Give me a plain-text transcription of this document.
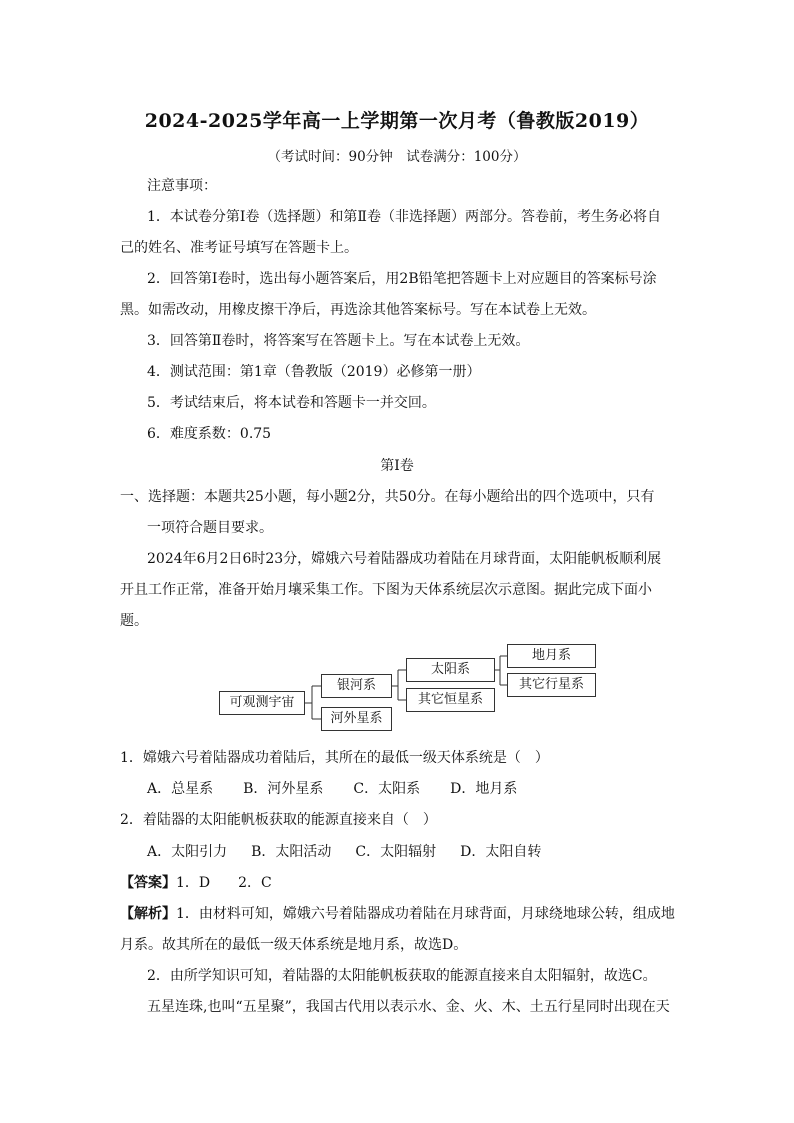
2024-2025学年高一上学期第一次月考（鲁教版2019）
（考试时间：90分钟　试卷满分：100分）
注意事项：
1．本试卷分第Ⅰ卷（选择题）和第Ⅱ卷（非选择题）两部分。答卷前，考生务必将自
己的姓名、准考证号填写在答题卡上。
2．回答第Ⅰ卷时，选出每小题答案后，用2B铅笔把答题卡上对应题目的答案标号涂
黑。如需改动，用橡皮擦干净后，再选涂其他答案标号。写在本试卷上无效。
3．回答第Ⅱ卷时，将答案写在答题卡上。写在本试卷上无效。
4．测试范围：第1章（鲁教版（2019）必修第一册）
5．考试结束后，将本试卷和答题卡一并交回。
6．难度系数：0.75
第Ⅰ卷
一、选择题：本题共25小题，每小题2分，共50分。在每小题给出的四个选项中，只有
一项符合题目要求。
2024年6月2日6时23分，嫦娥六号着陆器成功着陆在月球背面，太阳能帆板顺利展
开且工作正常，准备开始月壤采集工作。下图为天体系统层次示意图。据此完成下面小
题。
可观测宇宙
银河系
河外星系
太阳系
其它恒星系
地月系
其它行星系
1．嫦娥六号着陆器成功着陆后，其所在的最低一级天体系统是（　）
A．总星系 B．河外星系 C．太阳系 D．地月系
2．着陆器的太阳能帆板获取的能源直接来自（　）
A．太阳引力 B．太阳活动 C．太阳辐射 D．太阳自转
【答案】1．D　　2．C
【解析】1．由材料可知，嫦娥六号着陆器成功着陆在月球背面，月球绕地球公转，组成地
月系。故其所在的最低一级天体系统是地月系，故选D。
2．由所学知识可知，着陆器的太阳能帆板获取的能源直接来自太阳辐射，故选C。
五星连珠,也叫“五星聚”，我国古代用以表示水、金、火、木、土五行星同时出现在天
